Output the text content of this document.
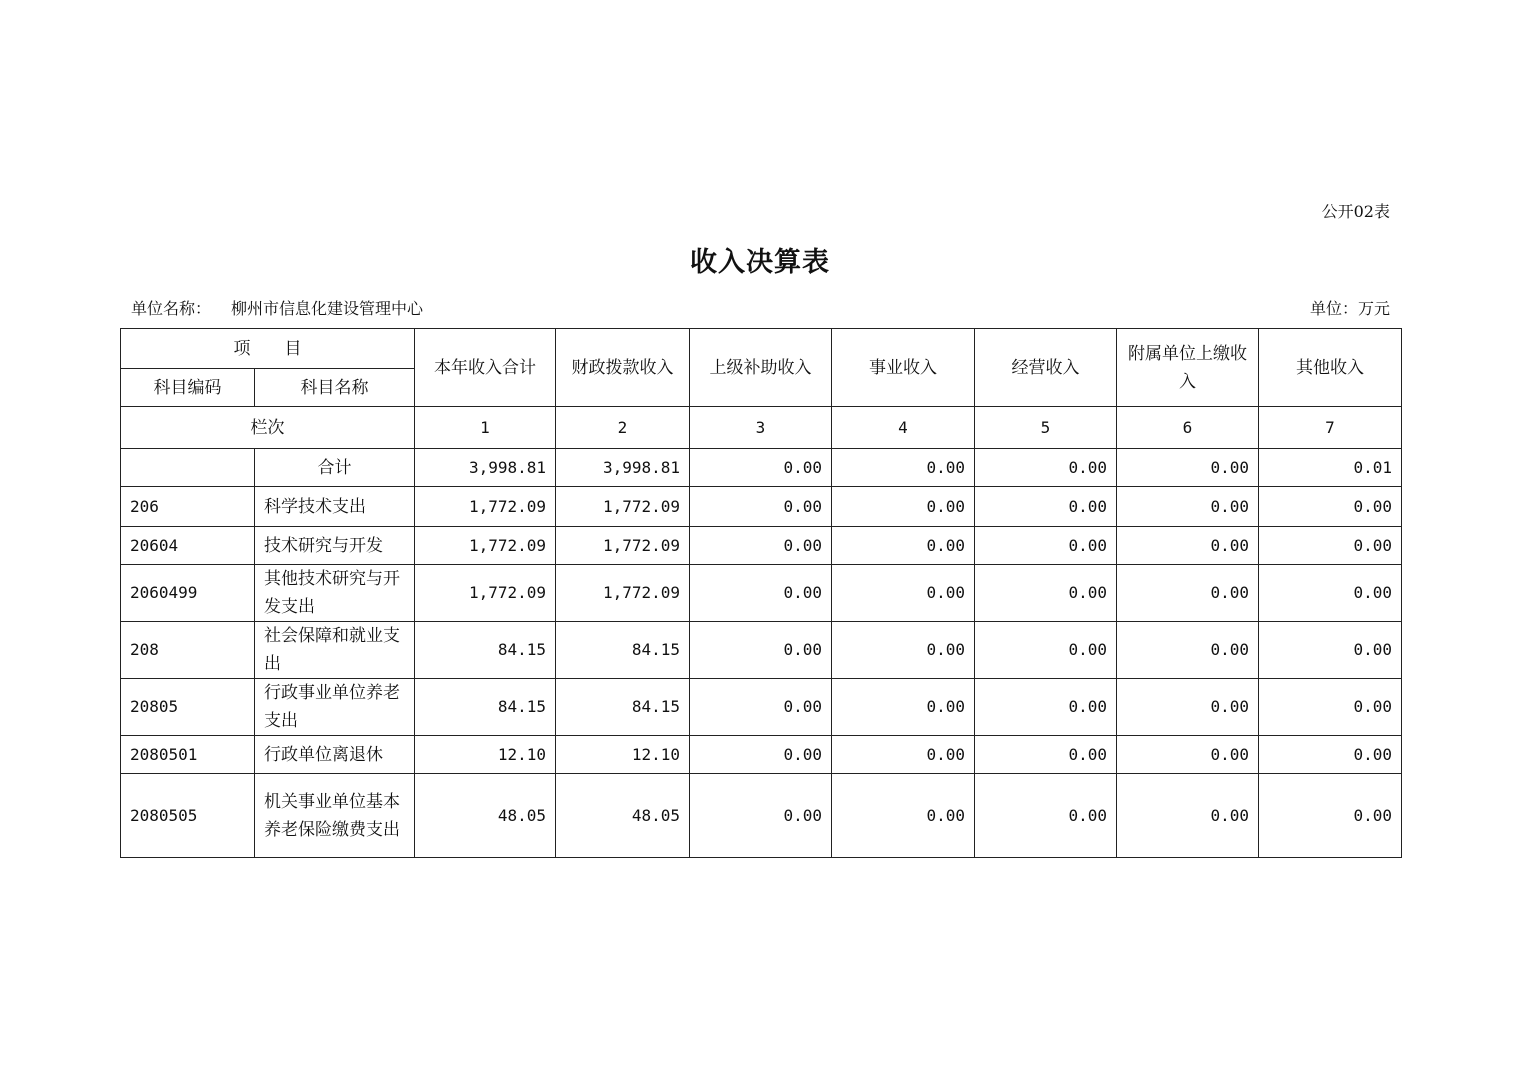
公开02表
收入决算表
单位名称： 柳州市信息化建设管理中心	单位：万元
项　　目		本年收入合计	财政拨款收入	上级补助收入	事业收入	经营收入	附属单位上缴收入	其他收入
科目编码	科目名称							
栏次		1	2	3	4	5	6	7
	合计	3,998.81	3,998.81	0.00	0.00	0.00	0.00	0.01
206	科学技术支出	1,772.09	1,772.09	0.00	0.00	0.00	0.00	0.00
20604	技术研究与开发	1,772.09	1,772.09	0.00	0.00	0.00	0.00	0.00
2060499	其他技术研究与开发支出	1,772.09	1,772.09	0.00	0.00	0.00	0.00	0.00
208	社会保障和就业支出	84.15	84.15	0.00	0.00	0.00	0.00	0.00
20805	行政事业单位养老支出	84.15	84.15	0.00	0.00	0.00	0.00	0.00
2080501	行政单位离退休	12.10	12.10	0.00	0.00	0.00	0.00	0.00
2080505	机关事业单位基本养老保险缴费支出	48.05	48.05	0.00	0.00	0.00	0.00	0.00
